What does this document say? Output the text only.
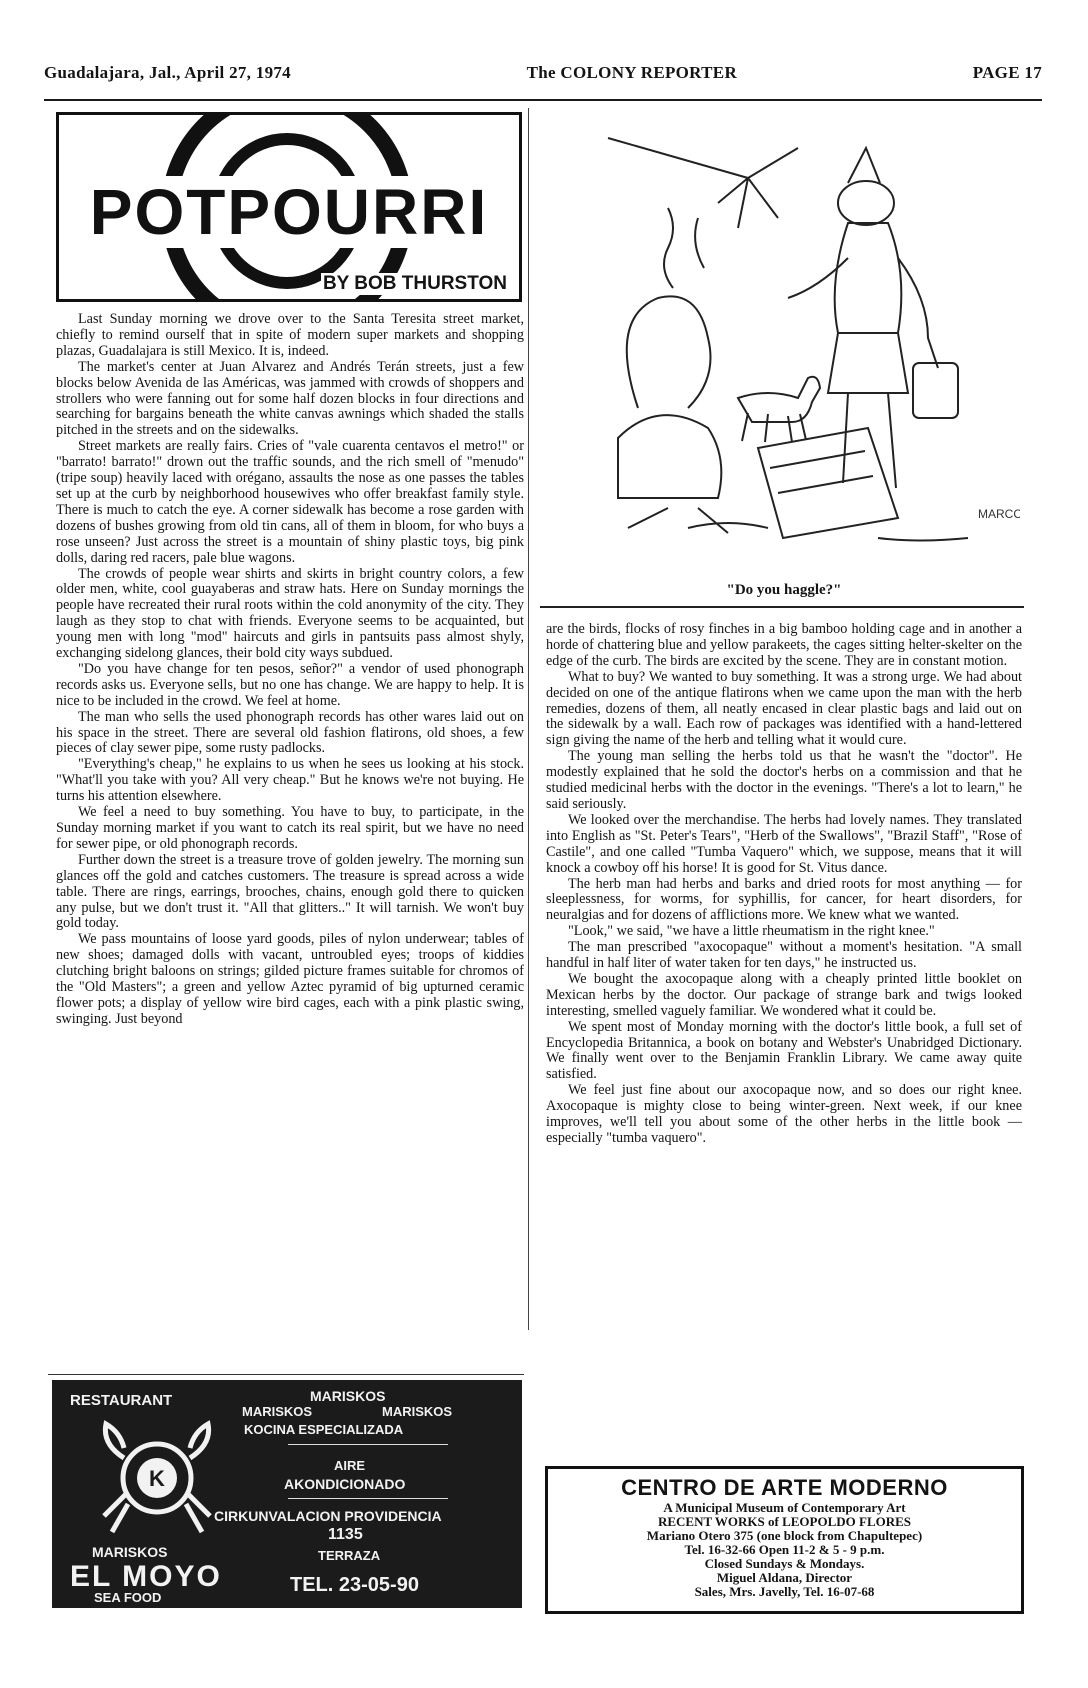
Guadalajara, Jal., April 27, 1974	The COLONY REPORTER	PAGE 17
POTPOURRI
BY BOB THURSTON

Last Sunday morning we drove over to the Santa Teresita street market, chiefly to remind ourself that in spite of modern super markets and shopping plazas, Guadalajara is still Mexico. It is, indeed.

The market's center at Juan Alvarez and Andrés Terán streets, just a few blocks below Avenida de las Américas, was jammed with crowds of shoppers and strollers who were fanning out for some half dozen blocks in four directions and searching for bargains beneath the white canvas awnings which shaded the stalls pitched in the streets and on the sidewalks.

Street markets are really fairs. Cries of "vale cuarenta centavos el metro!" or "barrato! barrato!" drown out the traffic sounds, and the rich smell of "menudo" (tripe soup) heavily laced with orégano, assaults the nose as one passes the tables set up at the curb by neighborhood housewives who offer breakfast family style. There is much to catch the eye. A corner sidewalk has become a rose garden with dozens of bushes growing from old tin cans, all of them in bloom, for who buys a rose unseen? Just across the street is a mountain of shiny plastic toys, big pink dolls, daring red racers, pale blue wagons.

The crowds of people wear shirts and skirts in bright country colors, a few older men, white, cool guayaberas and straw hats. Here on Sunday mornings the people have recreated their rural roots within the cold anonymity of the city. They laugh as they stop to chat with friends. Everyone seems to be acquainted, but young men with long "mod" haircuts and girls in pantsuits pass almost shyly, exchanging sidelong glances, their bold city ways subdued.

"Do you have change for ten pesos, señor?" a vendor of used phonograph records asks us. Everyone sells, but no one has change. We are happy to help. It is nice to be included in the crowd. We feel at home.

The man who sells the used phonograph records has other wares laid out on his space in the street. There are several old fashion flatirons, old shoes, a few pieces of clay sewer pipe, some rusty padlocks.

"Everything's cheap," he explains to us when he sees us looking at his stock. "What'll you take with you? All very cheap." But he knows we're not buying. He turns his attention elsewhere.

We feel a need to buy something. You have to buy, to participate, in the Sunday morning market if you want to catch its real spirit, but we have no need for sewer pipe, or old phonograph records.

Further down the street is a treasure trove of golden jewelry. The morning sun glances off the gold and catches customers. The treasure is spread across a wide table. There are rings, earrings, brooches, chains, enough gold there to quicken any pulse, but we don't trust it. "All that glitters.." It will tarnish. We won't buy gold today.

We pass mountains of loose yard goods, piles of nylon underwear; tables of new shoes; damaged dolls with vacant, untroubled eyes; troops of kiddies clutching bright baloons on strings; gilded picture frames suitable for chromos of the "Old Masters"; a green and yellow Aztec pyramid of big upturned ceramic flower pots; a display of yellow wire bird cages, each with a pink plastic swing, swinging. Just beyond

MARCO
"Do you haggle?"

are the birds, flocks of rosy finches in a big bamboo holding cage and in another a horde of chattering blue and yellow parakeets, the cages sitting helter-skelter on the edge of the curb. The birds are excited by the scene. They are in constant motion.

What to buy? We wanted to buy something. It was a strong urge. We had about decided on one of the antique flatirons when we came upon the man with the herb remedies, dozens of them, all neatly encased in clear plastic bags and laid out on the sidewalk by a wall. Each row of packages was identified with a hand-lettered sign giving the name of the herb and telling what it would cure.

The young man selling the herbs told us that he wasn't the "doctor". He modestly explained that he sold the doctor's herbs on a commission and that he studied medicinal herbs with the doctor in the evenings. "There's a lot to learn," he said seriously.

We looked over the merchandise. The herbs had lovely names. They translated into English as "St. Peter's Tears", "Herb of the Swallows", "Brazil Staff", "Rose of Castile", and one called "Tumba Vaquero" which, we suppose, means that it will knock a cowboy off his horse! It is good for St. Vitus dance.

The herb man had herbs and barks and dried roots for most anything — for sleeplessness, for worms, for syphillis, for cancer, for heart disorders, for neuralgias and for dozens of afflictions more. We knew what we wanted.

"Look," we said, "we have a little rheumatism in the right knee."

The man prescribed "axocopaque" without a moment's hesitation. "A small handful in half liter of water taken for ten days," he instructed us.

We bought the axocopaque along with a cheaply printed little booklet on Mexican herbs by the doctor. Our package of strange bark and twigs looked interesting, smelled vaguely familiar. We wondered what it could be.

We spent most of Monday morning with the doctor's little book, a full set of Encyclopedia Britannica, a book on botany and Webster's Unabridged Dictionary. We finally went over to the Benjamin Franklin Library. We came away quite satisfied.

We feel just fine about our axocopaque now, and so does our right knee. Axocopaque is mighty close to being winter-green. Next week, if our knee improves, we'll tell you about some of the other herbs in the little book — especially "tumba vaquero".

RESTAURANT	MARISKOS
MARISKOS	MARISKOS
KOCINA ESPECIALIZADA
AIRE
AKONDICIONADO
CIRKUNVALACION PROVIDENCIA
1135
TERRAZA
MARISKOS
EL MOYO
SEA FOOD
TEL. 23-05-90
K	CENTRO DE ARTE MODERNO
A Municipal Museum of Contemporary Art
RECENT WORKS of LEOPOLDO FLORES
Mariano Otero 375 (one block from Chapultepec)
Tel. 16-32-66 Open 11-2 & 5 - 9 p.m.
Closed Sundays & Mondays.
Miguel Aldana, Director
Sales, Mrs. Javelly, Tel. 16-07-68
